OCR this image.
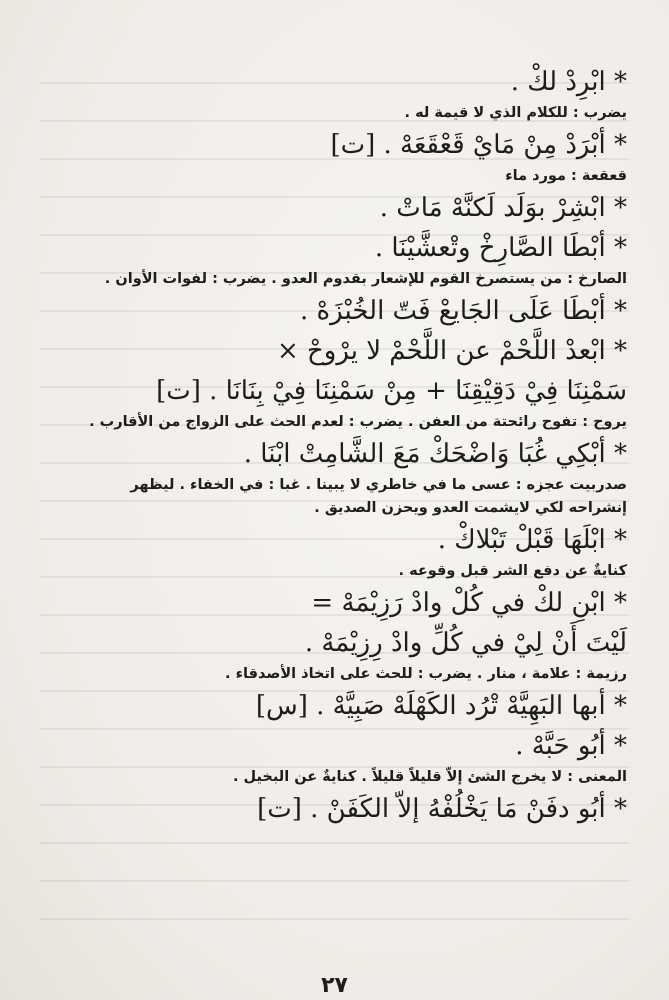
* ابْرِدْ لكْ .
يضرب : للكلام الذي لا قيمة له .
* أبْرَدْ مِنْ مَايْ قَعْقَعَهْ . [ت]
قعقعة : مورد ماء
* ابْشِرْ بوَلَد لَكنَّهْ مَاتْ .
* أبْطَا الصَّارِخْ وتْعشَّيْنَا .
الصارخ : من يستصرخ القوم للإشعار بقدوم العدو . يضرب : لفوات الأوان .
* أبْطَا عَلَى الجَايعْ فَتّ الخُبْزَهْ .
* ابْعدْ اللَّحْمْ عن اللَّحْمْ لا يرْوحْ ×
سَمْنِنَا فِيْ دَقِيْقِنَا + مِنْ سَمْنِنَا فِيْ بِنَانَا . [ت]
يروح : تفوح رائحتة من العفن . يضرب : لعدم الحث على الزواج من الأقارب .
* أبْكِي غُبَا وَاضْحَكْ مَعَ الشَّامِتْ ابْنَا .
صدربيت عجزه : عسى ما في خاطري لا يبينا . غبا : في الخفاء . ليظهر
إنشراحه لكي لايشمت العدو ويحزن الصديق .
* ابْلَهَا قَبْلْ تَبْلاكْ .
كنايةٌ عن دفع الشر قبل وقوعه .
* ابْنِ لكْ في كُلْ وادْ رَزِيْمَهْ =
لَيْتَ أَنْ لِيْ في كُلِّ وادْ رِزِيْمَهْ .
رزيمة : علامة ، منار . يضرب : للحث على اتخاذ الأصدقاء .
* أبها البَهِيَّهْ تْرُد الكَهْلَهْ صَبِيَّهْ . [س]
* أبُو حَبَّهْ .
المعنى : لا يخرج الشئ إلاّ قليلاً قليلاً . كنايةٌ عن البخيل .
* أبُو دفَنْ مَا يَخْلُفْهُ إلاّ الكَفَنْ . [ت]
٢٧
